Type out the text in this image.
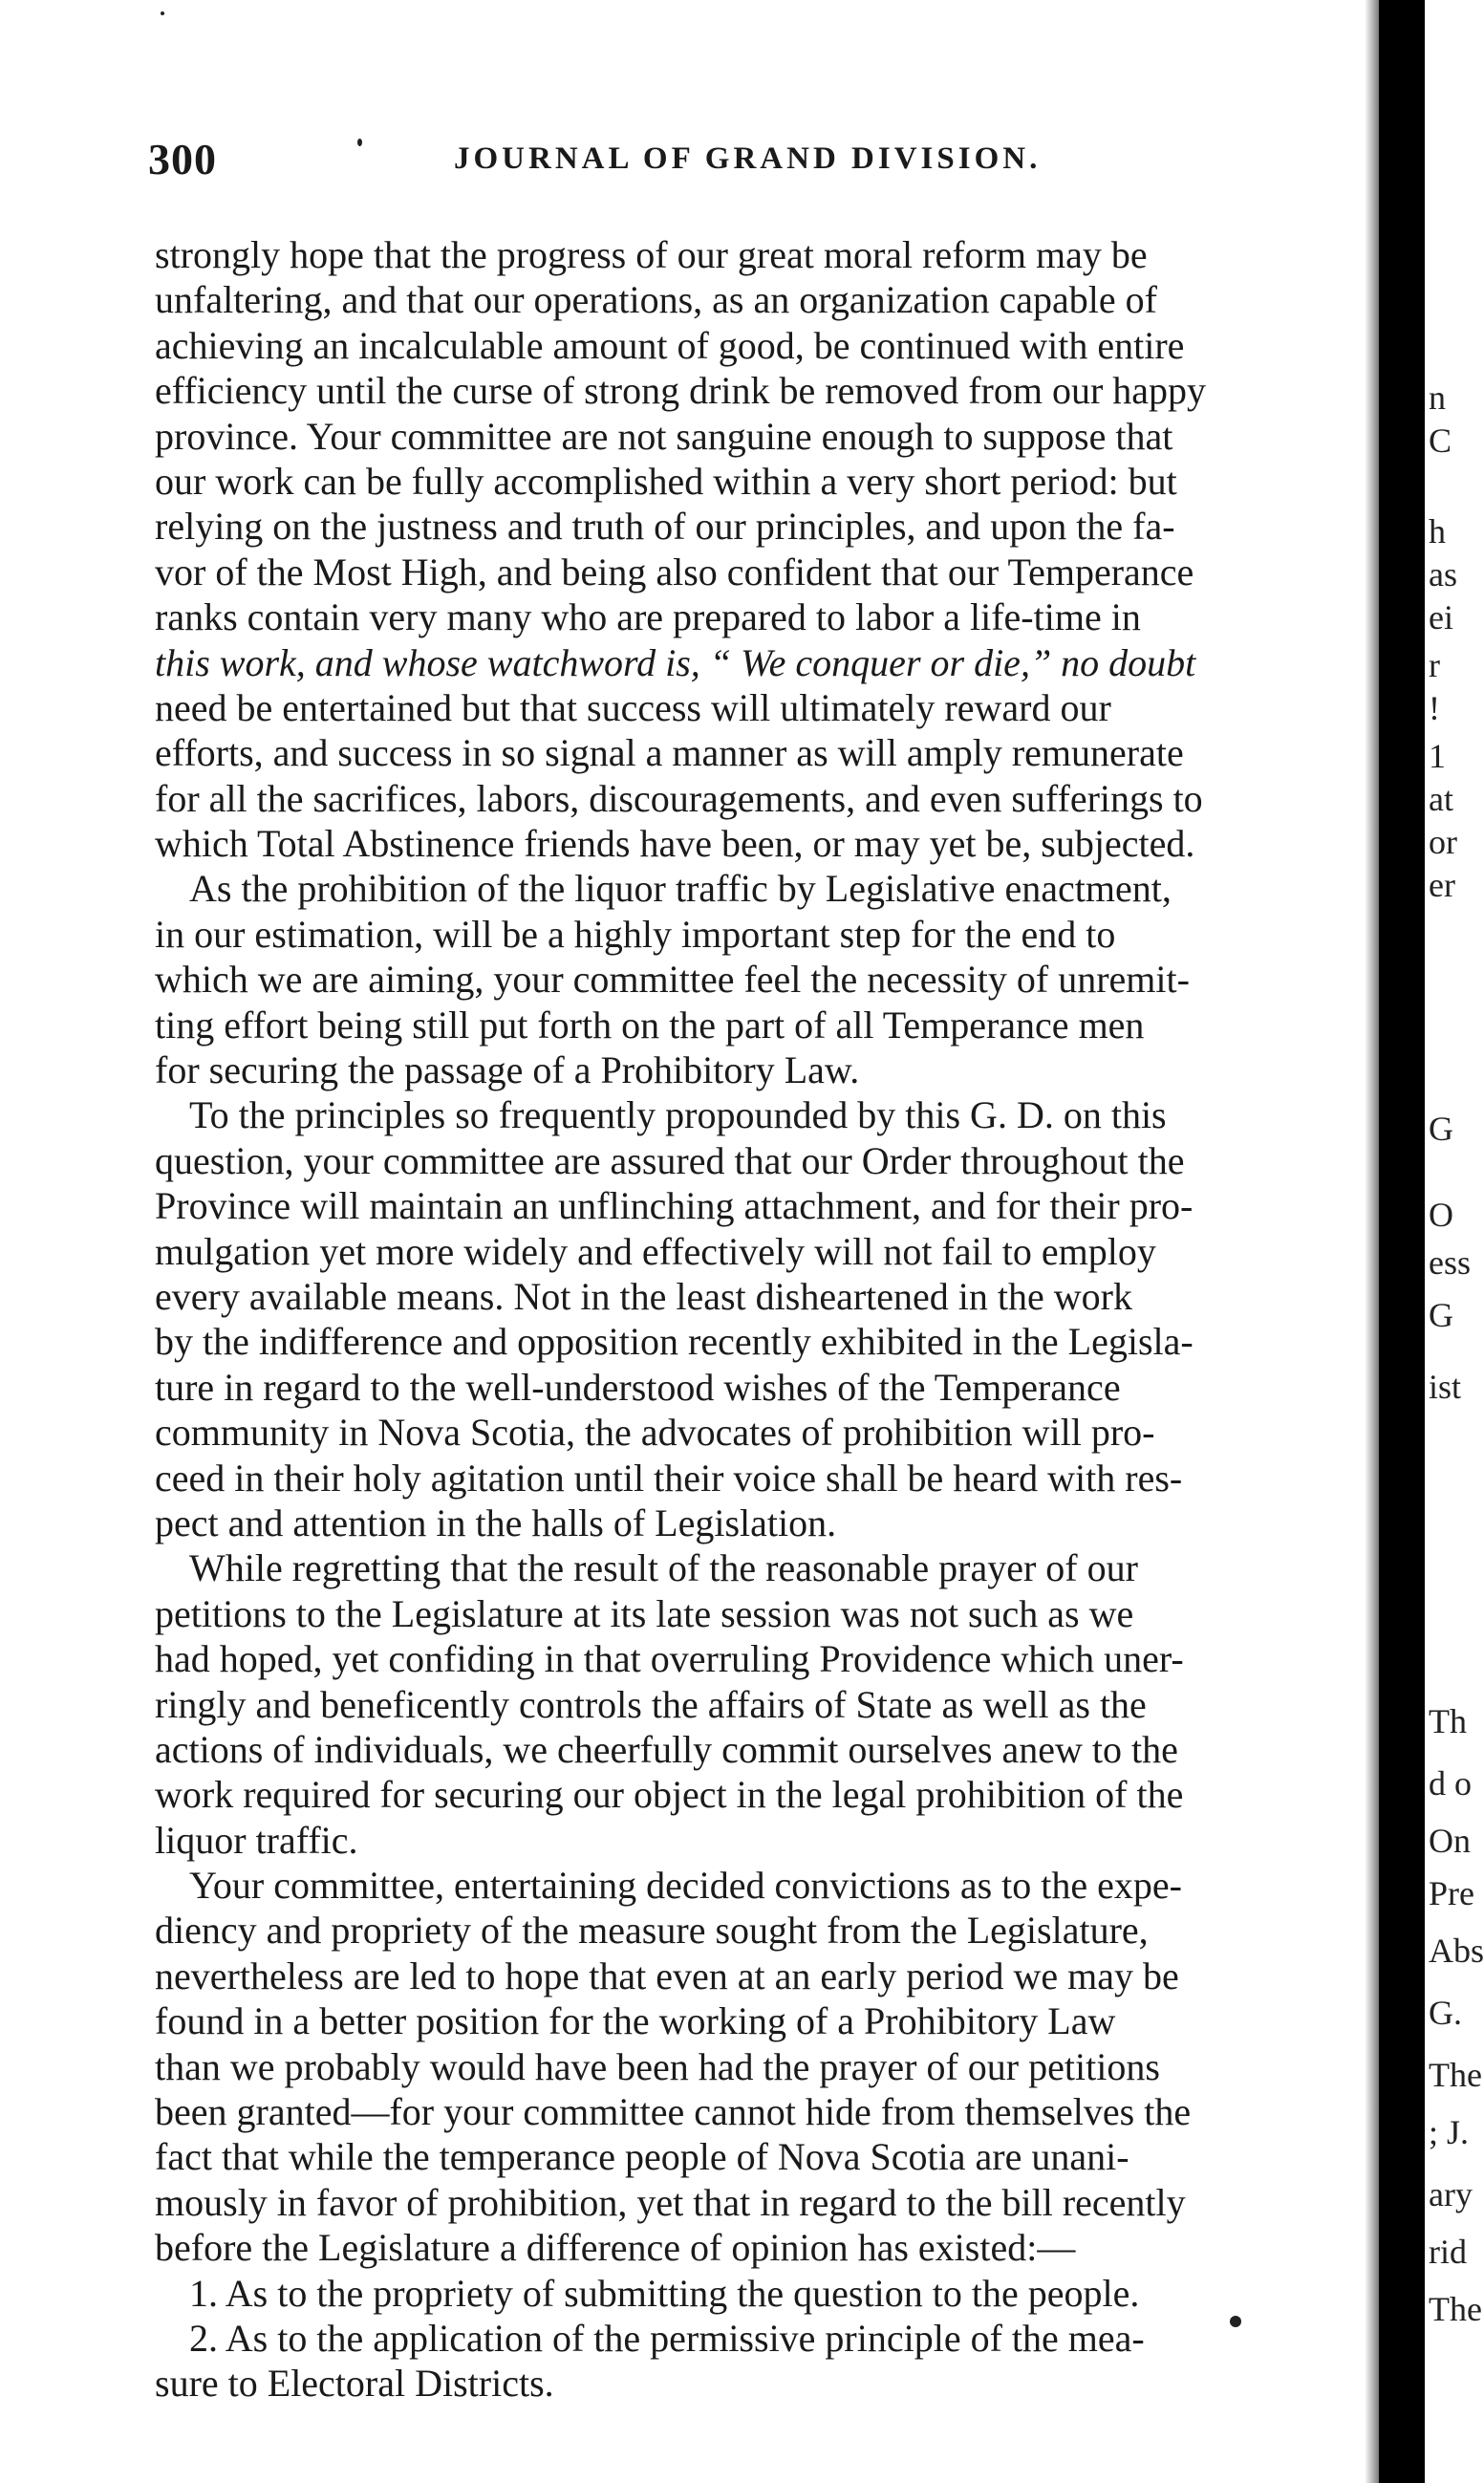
300	JOURNAL OF GRAND DIVISION.
strongly hope that the progress of our great moral reform may be
unfaltering, and that our operations, as an organization capable of
achieving an incalculable amount of good, be continued with entire
efficiency until the curse of strong drink be removed from our happy
province. Your committee are not sanguine enough to suppose that
our work can be fully accomplished within a very short period: but
relying on the justness and truth of our principles, and upon the fa-
vor of the Most High, and being also confident that our Temperance
ranks contain very many who are prepared to labor a life-time in
this work, and whose watchword is, “ We conquer or die,” no doubt
need be entertained but that success will ultimately reward our
efforts, and success in so signal a manner as will amply remunerate
for all the sacrifices, labors, discouragements, and even sufferings to
which Total Abstinence friends have been, or may yet be, subjected.
As the prohibition of the liquor traffic by Legislative enactment,
in our estimation, will be a highly important step for the end to
which we are aiming, your committee feel the necessity of unremit-
ting effort being still put forth on the part of all Temperance men
for securing the passage of a Prohibitory Law.
To the principles so frequently propounded by this G. D. on this
question, your committee are assured that our Order throughout the
Province will maintain an unflinching attachment, and for their pro-
mulgation yet more widely and effectively will not fail to employ
every available means. Not in the least disheartened in the work
by the indifference and opposition recently exhibited in the Legisla-
ture in regard to the well-understood wishes of the Temperance
community in Nova Scotia, the advocates of prohibition will pro-
ceed in their holy agitation until their voice shall be heard with res-
pect and attention in the halls of Legislation.
While regretting that the result of the reasonable prayer of our
petitions to the Legislature at its late session was not such as we
had hoped, yet confiding in that overruling Providence which uner-
ringly and beneficently controls the affairs of State as well as the
actions of individuals, we cheerfully commit ourselves anew to the
work required for securing our object in the legal prohibition of the
liquor traffic.
Your committee, entertaining decided convictions as to the expe-
diency and propriety of the measure sought from the Legislature,
nevertheless are led to hope that even at an early period we may be
found in a better position for the working of a Prohibitory Law
than we probably would have been had the prayer of our petitions
been granted—for your committee cannot hide from themselves the
fact that while the temperance people of Nova Scotia are unani-
mously in favor of prohibition, yet that in regard to the bill recently
before the Legislature a difference of opinion has existed:—
1. As to the propriety of submitting the question to the people.
2. As to the application of the permissive principle of the mea-
sure to Electoral Districts.
n
C
h
as
ei
r
!
1
at
or
er
G
O
ess
G
ist
Th
d o
On
Pre
Abs
G.
The
; J.
ary
rid
The
